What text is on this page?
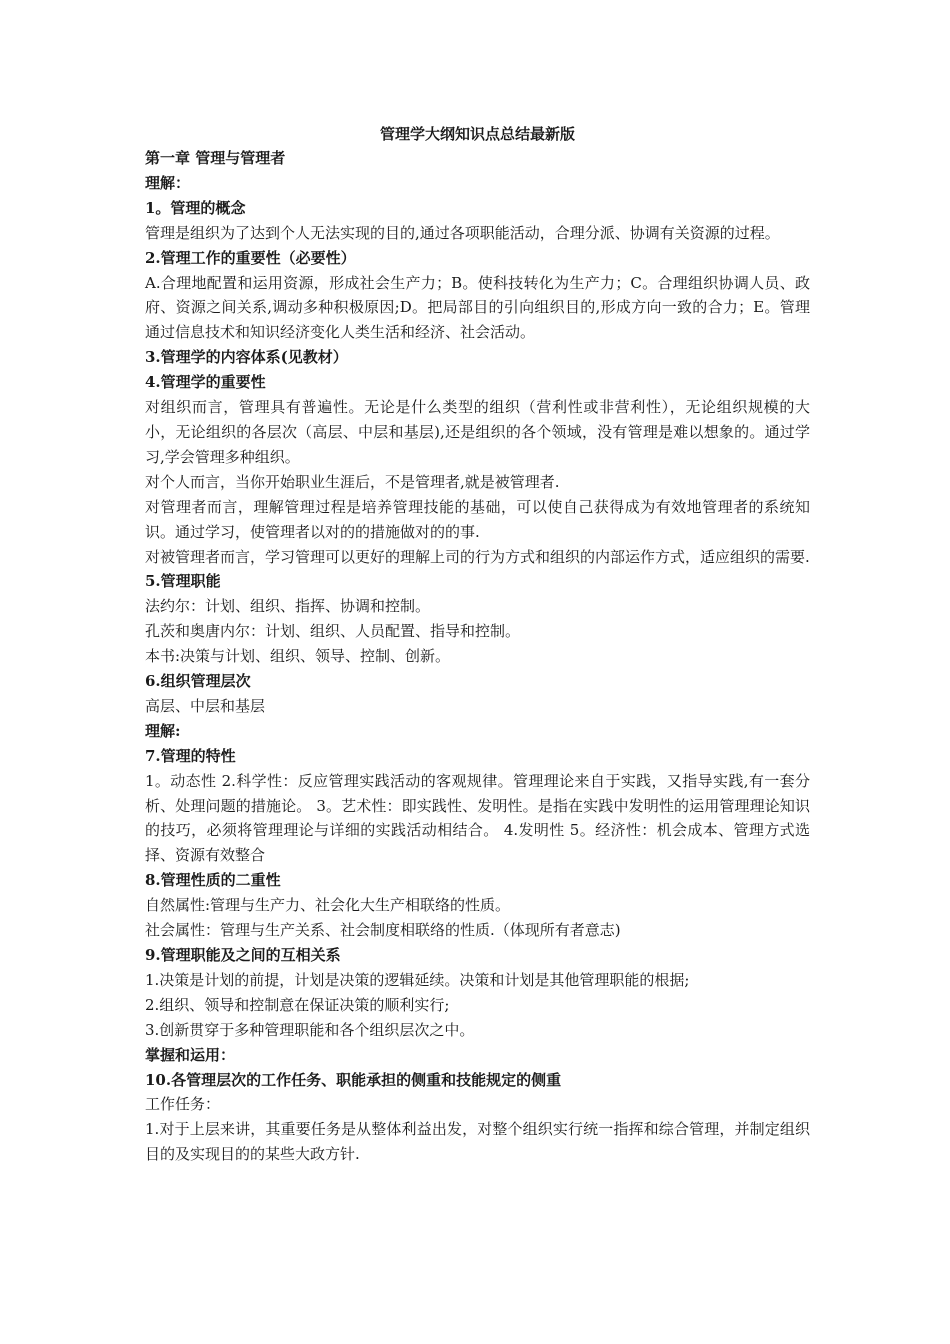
管理学大纲知识点总结最新版
第一章 管理与管理者
理解：
1。管理的概念
管理是组织为了达到个人无法实现的目的,通过各项职能活动，合理分派、协调有关资源的过程。
2.管理工作的重要性（必要性）
A.合理地配置和运用资源，形成社会生产力；B。使科技转化为生产力；C。合理组织协调人员、政府、资源之间关系,调动多种积极原因;D。把局部目的引向组织目的,形成方向一致的合力；E。管理通过信息技术和知识经济变化人类生活和经济、社会活动。
3.管理学的内容体系(见教材）
4.管理学的重要性
对组织而言，管理具有普遍性。无论是什么类型的组织（营利性或非营利性），无论组织规模的大小，无论组织的各层次（高层、中层和基层),还是组织的各个领域，没有管理是难以想象的。通过学习,学会管理多种组织。
对个人而言，当你开始职业生涯后，不是管理者,就是被管理者.
对管理者而言，理解管理过程是培养管理技能的基础，可以使自己获得成为有效地管理者的系统知识。通过学习，使管理者以对的的措施做对的的事.
对被管理者而言，学习管理可以更好的理解上司的行为方式和组织的内部运作方式，适应组织的需要.
5.管理职能
法约尔：计划、组织、指挥、协调和控制。
孔茨和奥唐内尔：计划、组织、人员配置、指导和控制。
本书:决策与计划、组织、领导、控制、创新。
6.组织管理层次
高层、中层和基层
理解:
7.管理的特性
1。动态性 2.科学性：反应管理实践活动的客观规律。管理理论来自于实践，又指导实践,有一套分析、处理问题的措施论。 3。艺术性：即实践性、发明性。是指在实践中发明性的运用管理理论知识的技巧，必须将管理理论与详细的实践活动相结合。 4.发明性 5。经济性：机会成本、管理方式选择、资源有效整合
8.管理性质的二重性
自然属性:管理与生产力、社会化大生产相联络的性质。
社会属性：管理与生产关系、社会制度相联络的性质.（体现所有者意志)
9.管理职能及之间的互相关系
1.决策是计划的前提，计划是决策的逻辑延续。决策和计划是其他管理职能的根据;
2.组织、领导和控制意在保证决策的顺利实行;
3.创新贯穿于多种管理职能和各个组织层次之中。
掌握和运用：
10.各管理层次的工作任务、职能承担的侧重和技能规定的侧重
工作任务：
1.对于上层来讲，其重要任务是从整体利益出发，对整个组织实行统一指挥和综合管理，并制定组织目的及实现目的的某些大政方针.
